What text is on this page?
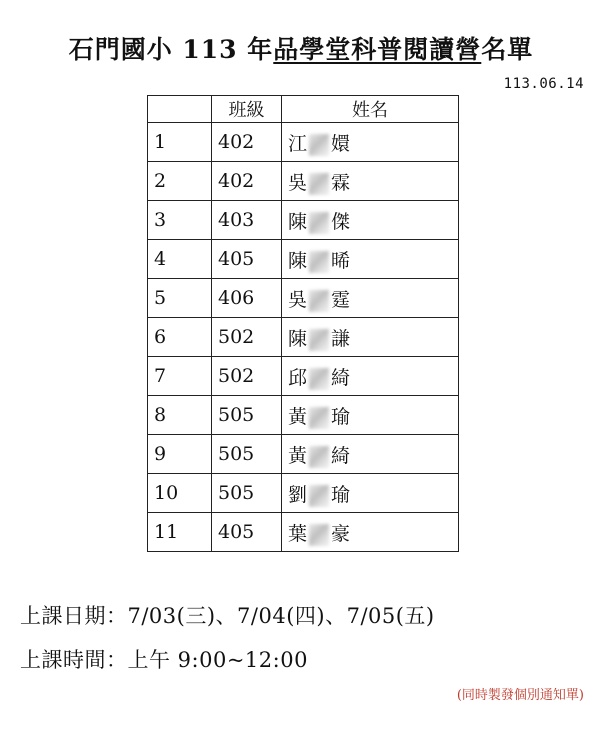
石門國小 113 年品學堂科普閱讀營名單
113.06.14
	班級	姓名
1	402	江 嬛
2	402	吳 霖
3	403	陳 傑
4	405	陳 晞
5	406	吳 霆
6	502	陳 謙
7	502	邱 綺
8	505	黃 瑜
9	505	黃 綺
10	505	劉 瑜
11	405	葉 豪
上課日期：7/03(三)、7/04(四)、7/05(五)
上課時間：上午 9:00~12:00
(同時製發個別通知單)
